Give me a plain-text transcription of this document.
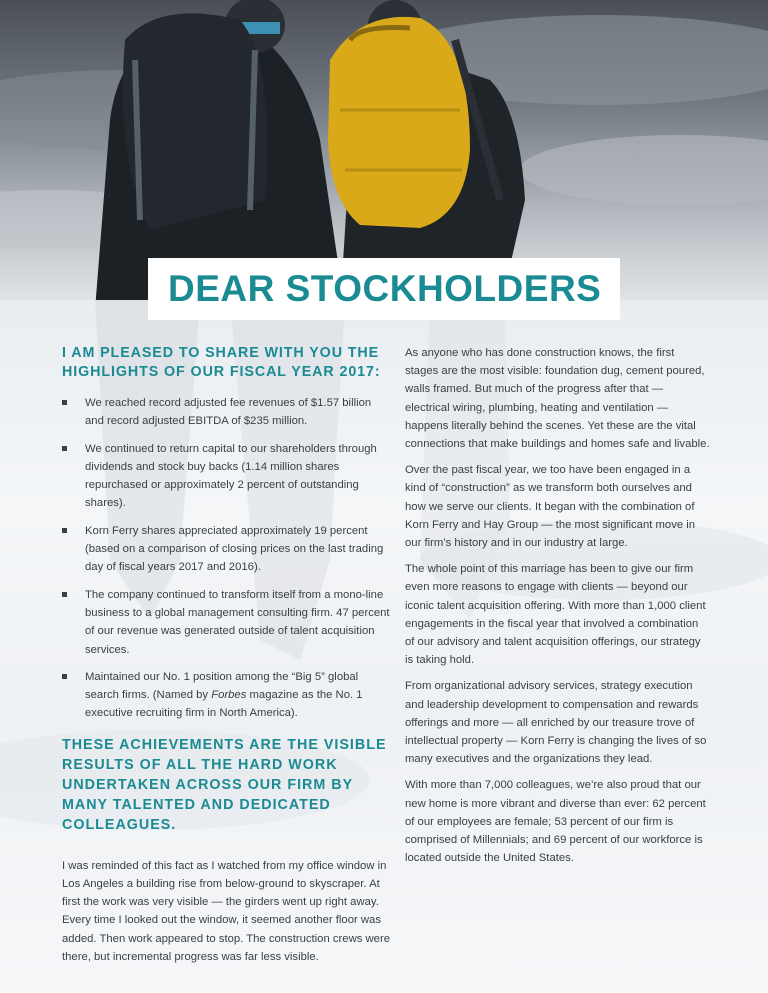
DEAR STOCKHOLDERS
I AM PLEASED TO SHARE WITH YOU THE HIGHLIGHTS OF OUR FISCAL YEAR 2017:
We reached record adjusted fee revenues of $1.57 billion and record adjusted EBITDA of $235 million.
We continued to return capital to our shareholders through dividends and stock buy backs (1.14 million shares repurchased or approximately 2 percent of outstanding shares).
Korn Ferry shares appreciated approximately 19 percent (based on a comparison of closing prices on the last trading day of fiscal years 2017 and 2016).
The company continued to transform itself from a mono-line business to a global management consulting firm. 47 percent of our revenue was generated outside of talent acquisition services.
Maintained our No. 1 position among the “Big 5” global search firms. (Named by Forbes magazine as the No. 1 executive recruiting firm in North America).
THESE ACHIEVEMENTS ARE THE VISIBLE RESULTS OF ALL THE HARD WORK UNDERTAKEN ACROSS OUR FIRM BY MANY TALENTED AND DEDICATED COLLEAGUES.

I was reminded of this fact as I watched from my office window in Los Angeles a building rise from below-ground to skyscraper. At first the work was very visible — the girders went up right away. Every time I looked out the window, it seemed another floor was added. Then work appeared to stop. The construction crews were there, but incremental progress was far less visible.

As anyone who has done construction knows, the first stages are the most visible: foundation dug, cement poured, walls framed. But much of the progress after that — electrical wiring, plumbing, heating and ventilation — happens literally behind the scenes. Yet these are the vital connections that make buildings and homes safe and livable.

Over the past fiscal year, we too have been engaged in a kind of “construction” as we transform both ourselves and how we serve our clients. It began with the combination of Korn Ferry and Hay Group — the most significant move in our firm’s history and in our industry at large.

The whole point of this marriage has been to give our firm even more reasons to engage with clients — beyond our iconic talent acquisition offering. With more than 1,000 client engagements in the fiscal year that involved a combination of our advisory and talent acquisition offerings, our strategy is taking hold.

From organizational advisory services, strategy execution and leadership development to compensation and rewards offerings and more — all enriched by our treasure trove of intellectual property — Korn Ferry is changing the lives of so many executives and the organizations they lead.

With more than 7,000 colleagues, we’re also proud that our new home is more vibrant and diverse than ever: 62 percent of our employees are female; 53 percent of our firm is comprised of Millennials; and 69 percent of our workforce is located outside the United States.
